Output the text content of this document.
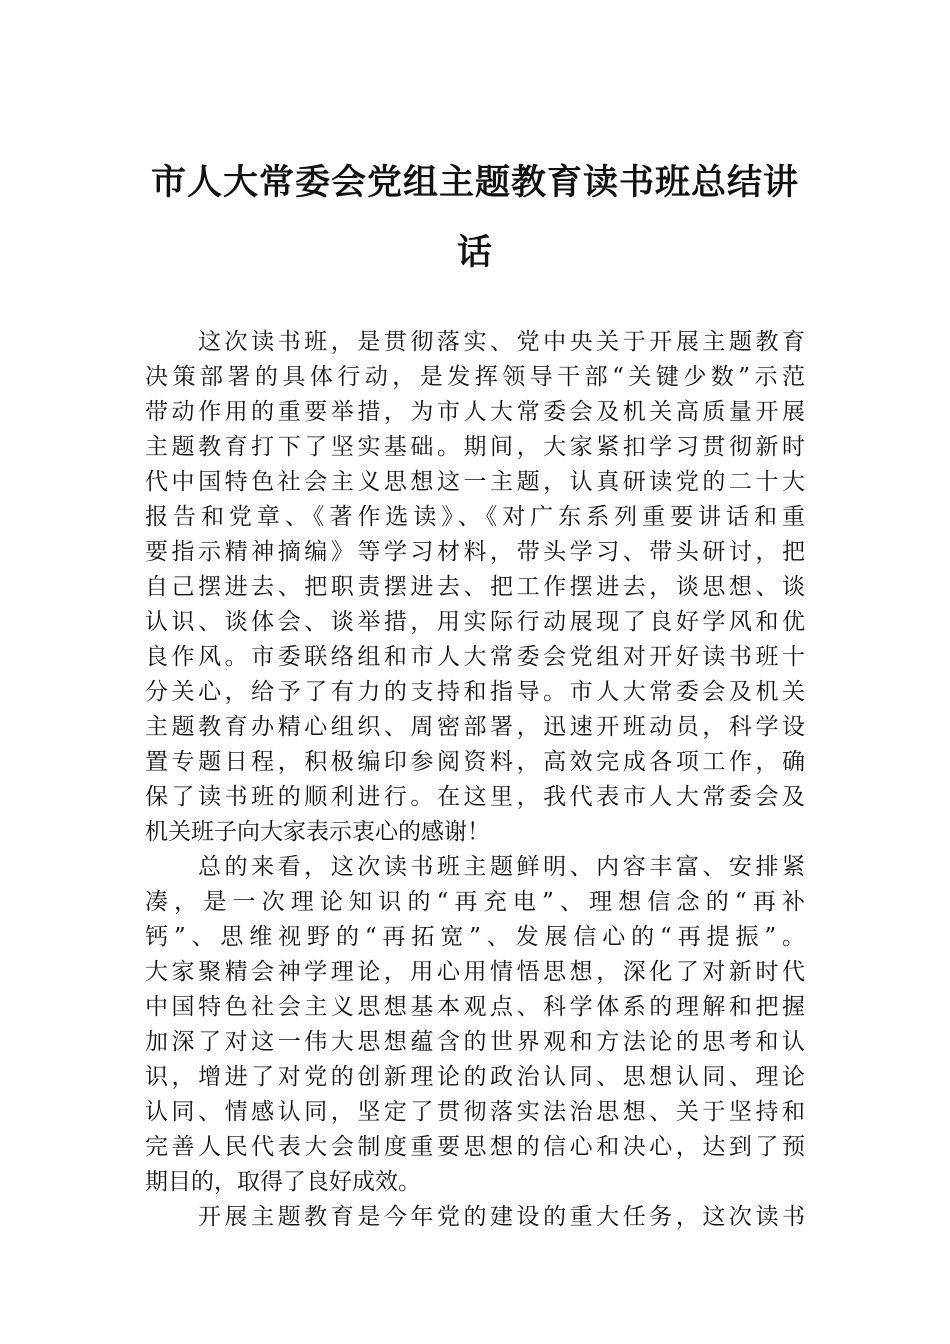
市人大常委会党组主题教育读书班总结讲
话
这次读书班，是贯彻落实、党中央关于开展主题教育
决策部署的具体行动，是发挥领导干部“关键少数”示范
带动作用的重要举措，为市人大常委会及机关高质量开展
主题教育打下了坚实基础。期间，大家紧扣学习贯彻新时
代中国特色社会主义思想这一主题，认真研读党的二十大
报告和党章、《著作选读》、《对广东系列重要讲话和重
要指示精神摘编》等学习材料，带头学习、带头研讨，把
自己摆进去、把职责摆进去、把工作摆进去，谈思想、谈
认识、谈体会、谈举措，用实际行动展现了良好学风和优
良作风。市委联络组和市人大常委会党组对开好读书班十
分关心，给予了有力的支持和指导。市人大常委会及机关
主题教育办精心组织、周密部署，迅速开班动员，科学设
置专题日程，积极编印参阅资料，高效完成各项工作，确
保了读书班的顺利进行。在这里，我代表市人大常委会及
机关班子向大家表示衷心的感谢！
总的来看，这次读书班主题鲜明、内容丰富、安排紧
凑，是一次理论知识的“再充电”、理想信念的“再补
钙”、思维视野的“再拓宽”、发展信心的“再提振”。
大家聚精会神学理论，用心用情悟思想，深化了对新时代
中国特色社会主义思想基本观点、科学体系的理解和把握
加深了对这一伟大思想蕴含的世界观和方法论的思考和认
识，增进了对党的创新理论的政治认同、思想认同、理论
认同、情感认同，坚定了贯彻落实法治思想、关于坚持和
完善人民代表大会制度重要思想的信心和决心，达到了预
期目的，取得了良好成效。
开展主题教育是今年党的建设的重大任务，这次读书
